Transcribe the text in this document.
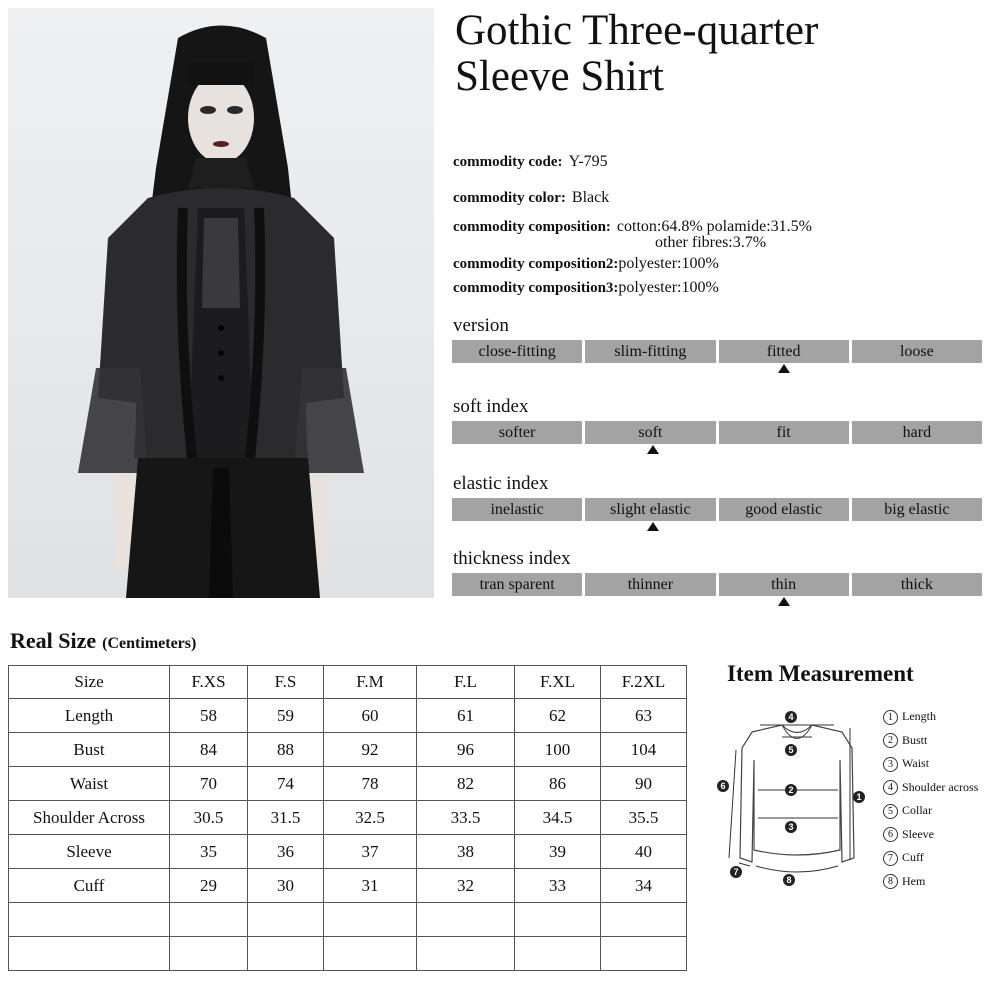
Gothic Three-quarter
Sleeve Shirt
commodity code: Y-795
commodity color: Black
commodity composition: cotton:64.8% polamide:31.5%
other fibres:3.7%
commodity composition2:polyester:100%
commodity composition3:polyester:100%
version
close-fitting	slim-fitting	fitted	loose
soft index
softer	soft	fit	hard
elastic index
inelastic	slight elastic	good elastic	big elastic
thickness index
tran sparent	thinner	thin	thick
Real Size (Centimeters)
Size	F.XS	F.S	F.M	F.L	F.XL	F.2XL
Length	58	59	60	61	62	63
Bust	84	88	92	96	100	104
Waist	70	74	78	82	86	90
Shoulder Across	30.5	31.5	32.5	33.5	34.5	35.5
Sleeve	35	36	37	38	39	40
Cuff	29	30	31	32	33	34

Item Measurement
4
5
2
3
1
6
7
8
1 Length
2 Bustt
3 Waist
4 Shoulder across
5 Collar
6 Sleeve
7 Cuff
8 Hem
